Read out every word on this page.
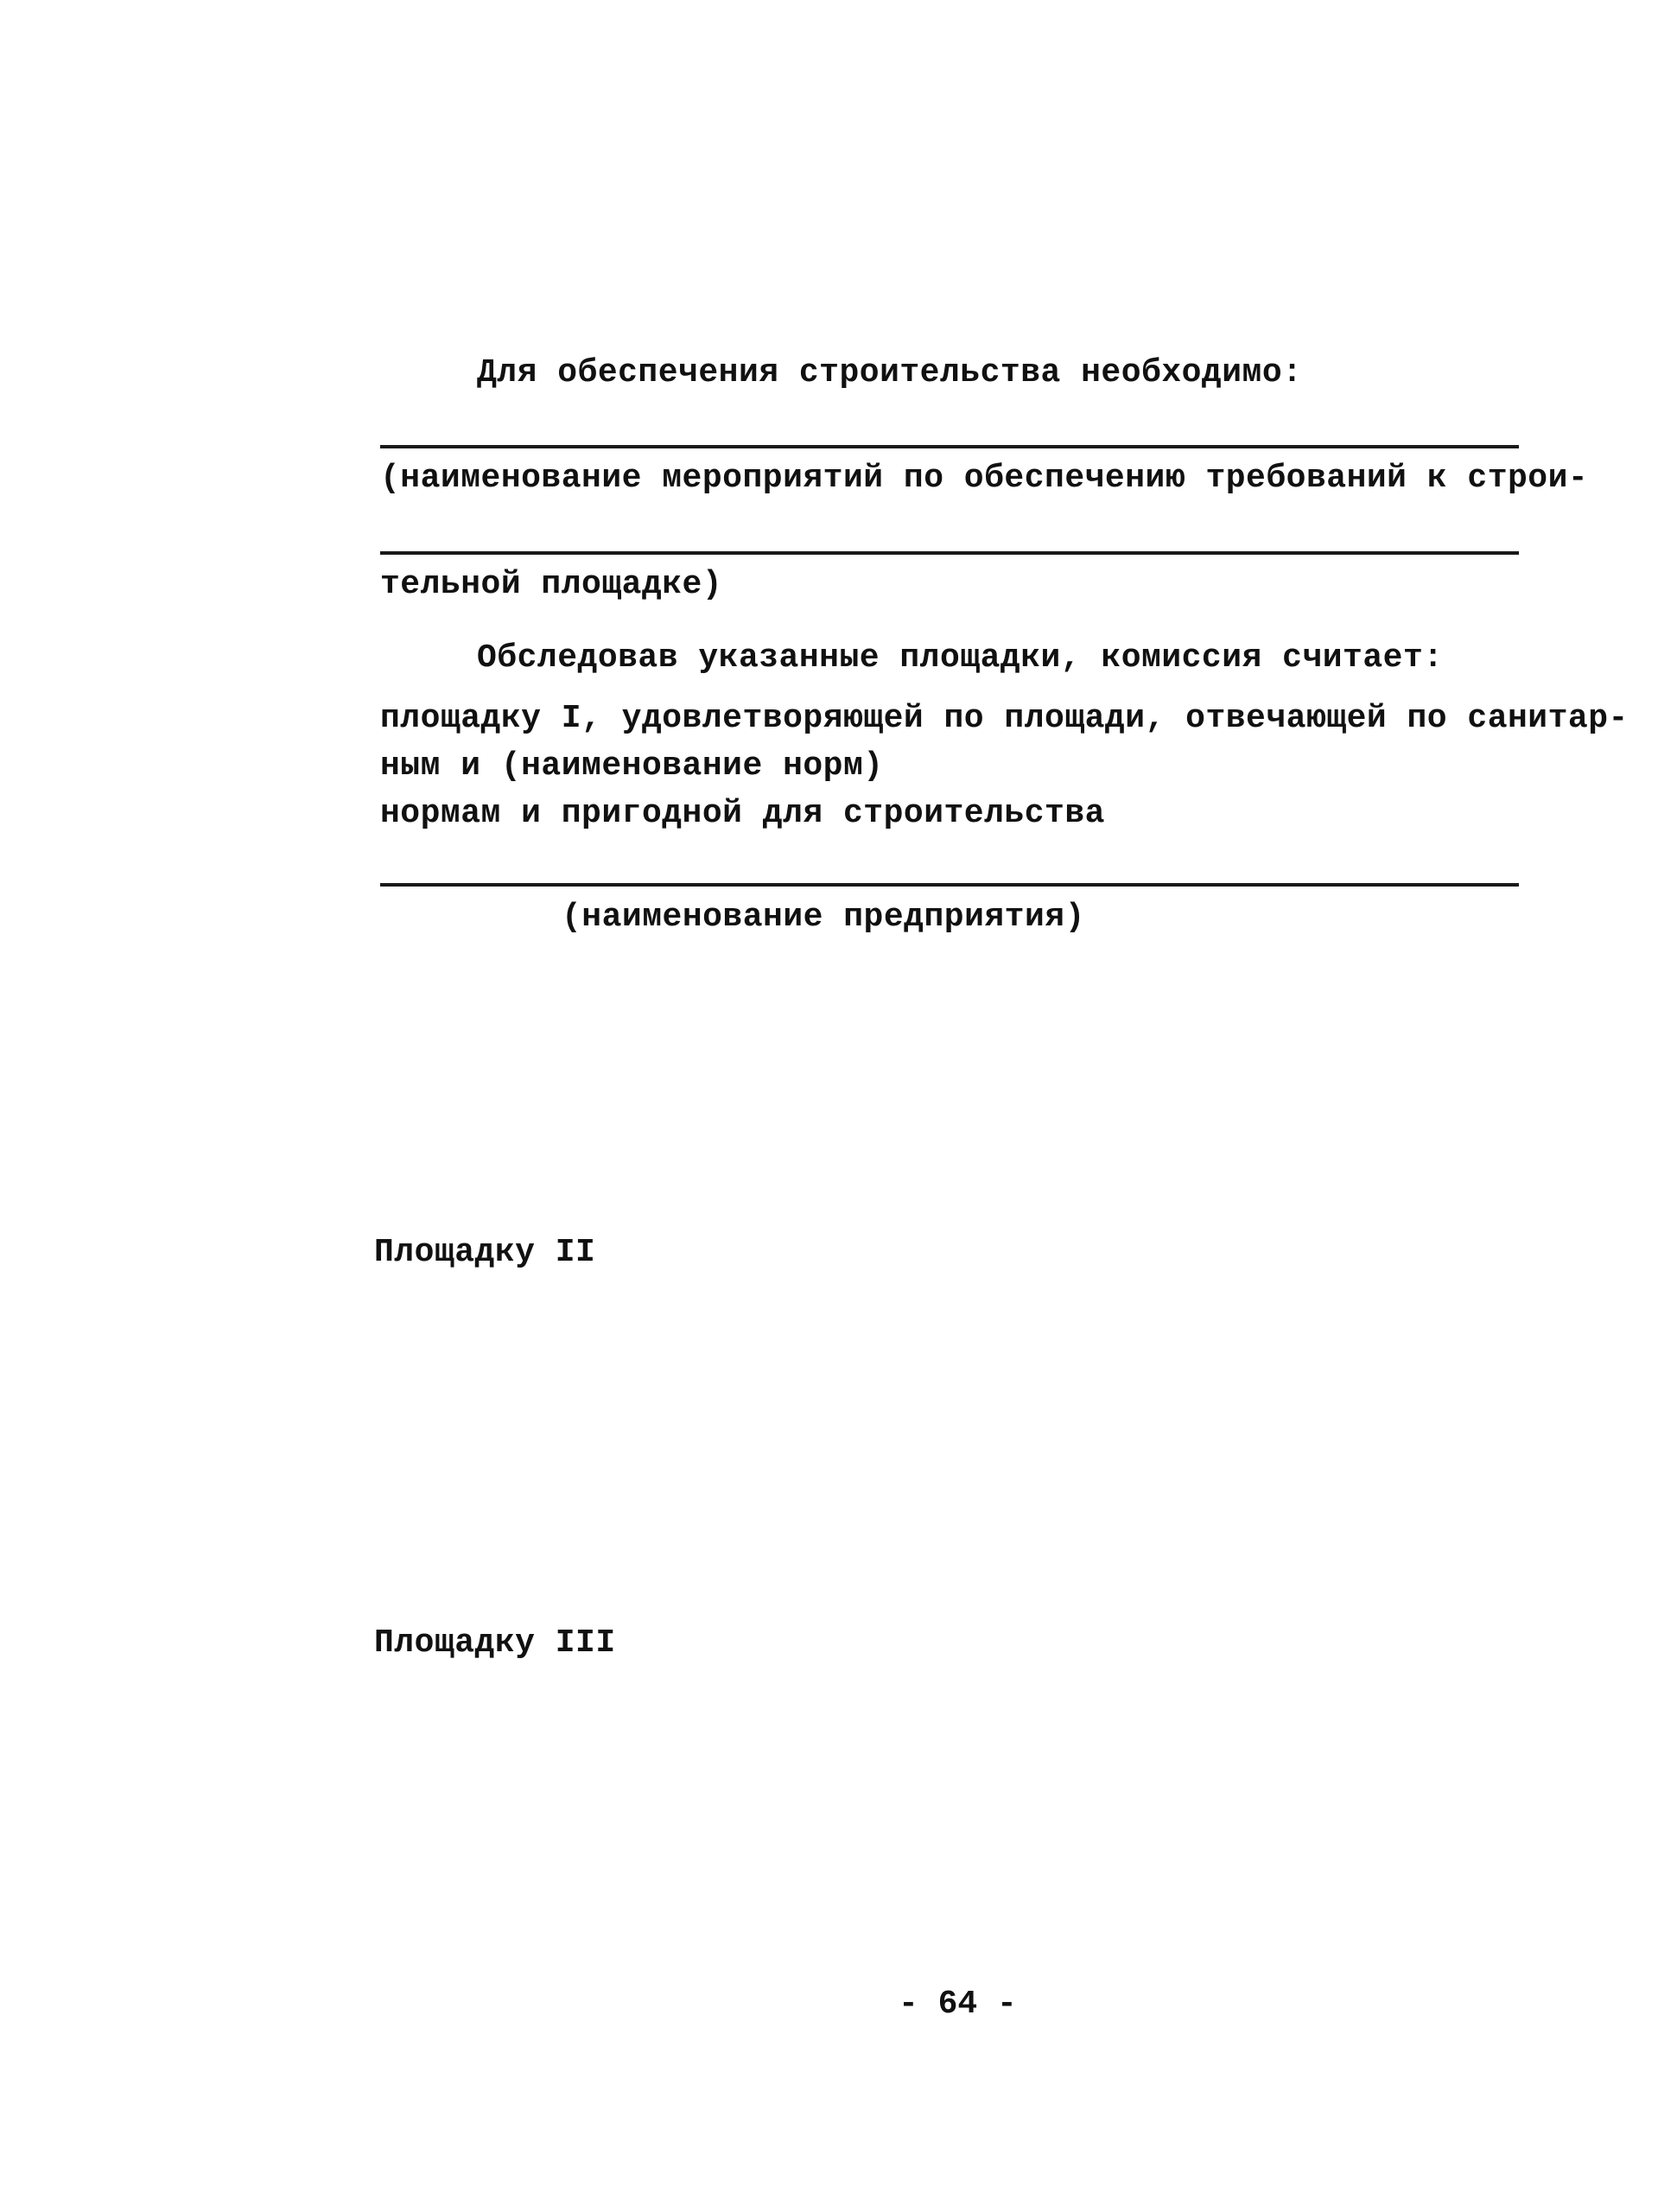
Для обеспечения строительства необходимо:
(наименование мероприятий по обеспечению требований к строи-
тельной площадке)
Обследовав указанные площадки, комиссия считает:
площадку I, удовлетворяющей по площади, отвечающей по санитар-
ным и (наименование норм)
нормам и пригодной для строительства
(наименование предприятия)
Площадку II
Площадку III
- 64 -
